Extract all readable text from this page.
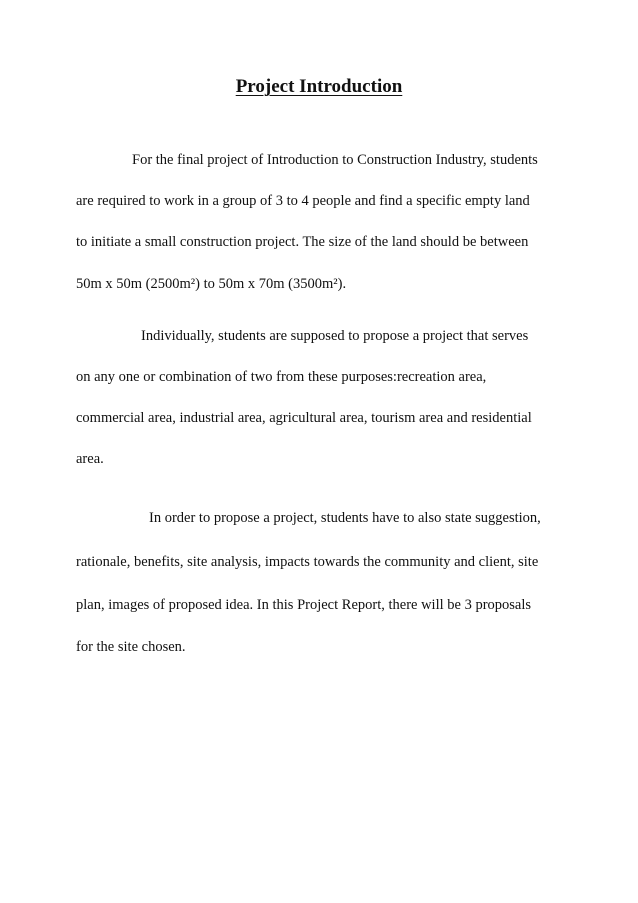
Project Introduction

For the final project of Introduction to Construction Industry, students

are required to work in a group of 3 to 4 people and find a specific empty land

to initiate a small construction project. The size of the land should be between

50m x 50m (2500m²) to 50m x 70m (3500m²).

Individually, students are supposed to propose a project that serves

on any one or combination of two from these purposes:recreation area,

commercial area, industrial area, agricultural area, tourism area and residential

area.

In order to propose a project, students have to also state suggestion,

rationale, benefits, site analysis, impacts towards the community and client, site

plan, images of proposed idea. In this Project Report, there will be 3 proposals

for the site chosen.
